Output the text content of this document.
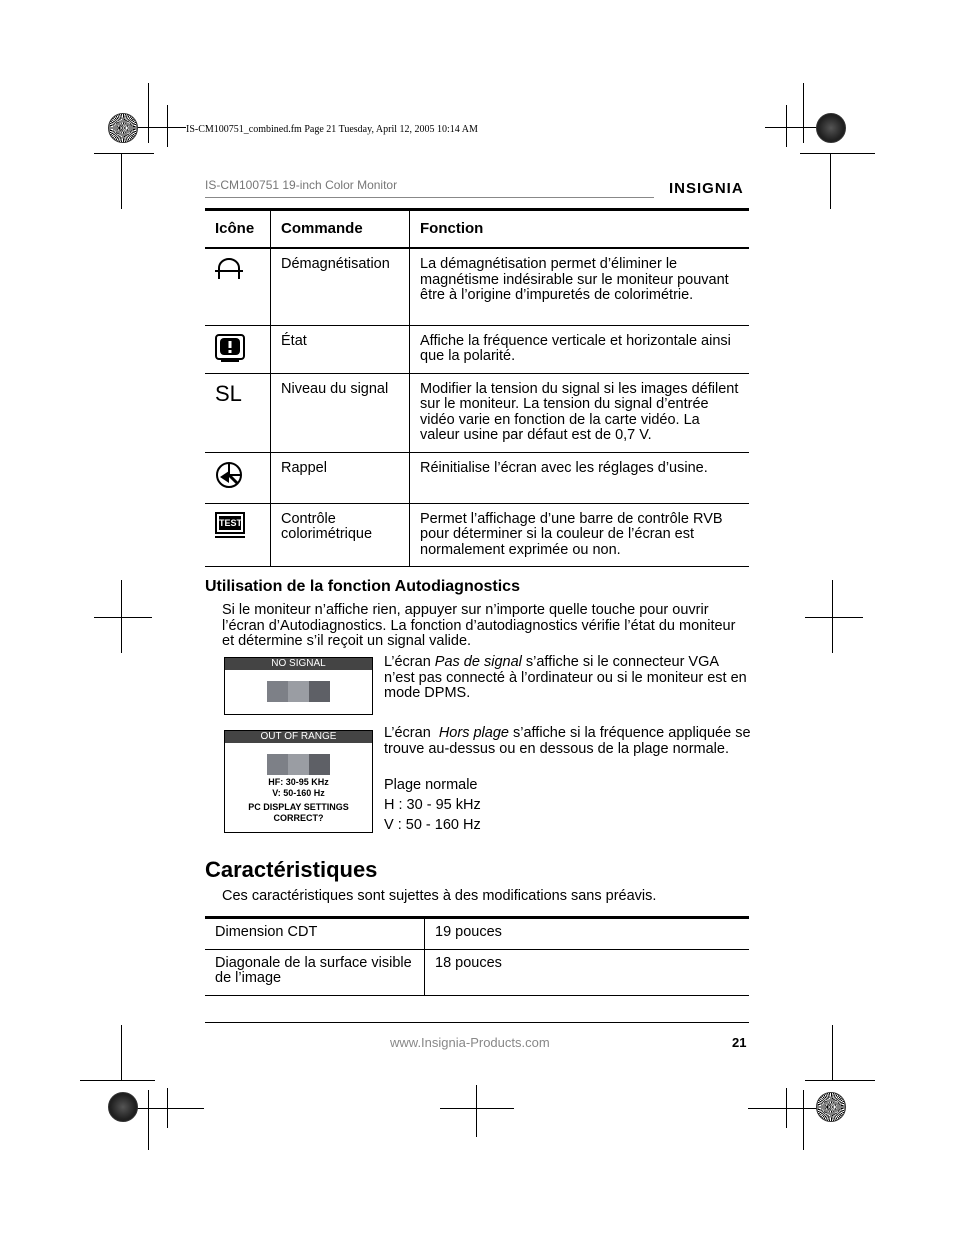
IS-CM100751_combined.fm Page 21 Tuesday, April 12, 2005 10:14 AM
IS-CM100751 19-inch Color Monitor	INSIGNIA
Icône	Commande	Fonction

	Démagnétisation	La démagnétisation permet d’éliminer le magnétisme indésirable sur le moniteur pouvant être à l’origine d’impuretés de colorimétrie.

	État	Affiche la fréquence verticale et horizontale ainsi que la polarité.
SL	Niveau du signal	Modifier la tension du signal si les images défilent sur le moniteur. La tension du signal d’entrée vidéo varie en fonction de la carte vidéo. La valeur usine par défaut est de 0,7 V.

	Rappel	Réinitialise l’écran avec les réglages d’usine.

TEST	Contrôle colorimétrique	Permet l’affichage d’une barre de contrôle RVB pour déterminer si la couleur de l’écran est normalement exprimée ou non.
Utilisation de la fonction Autodiagnostics
Si le moniteur n’affiche rien, appuyer sur n’importe quelle touche pour ouvrir l’écran d’Autodiagnostics. La fonction d’autodiagnostics vérifie l’état du moniteur et détermine s’il reçoit un signal valide.
NO SIGNAL	L’écran Pas de signal s’affiche si le connecteur VGA n’est pas connecté à l’ordinateur ou si le moniteur est en mode DPMS.
OUT OF RANGE
HF: 30-95 KHz
V: 50-160 Hz
PC DISPLAY SETTINGS
CORRECT?
L’écran  Hors plage s’affiche si la fréquence appliquée se trouve au-dessus ou en dessous de la plage normale.
Plage normale
H : 30 - 95 kHz
V : 50 - 160 Hz
Caractéristiques
Ces caractéristiques sont sujettes à des modifications sans préavis.
Dimension CDT	19 pouces
Diagonale de la surface visible de l’image	18 pouces
www.Insignia-Products.com	21
